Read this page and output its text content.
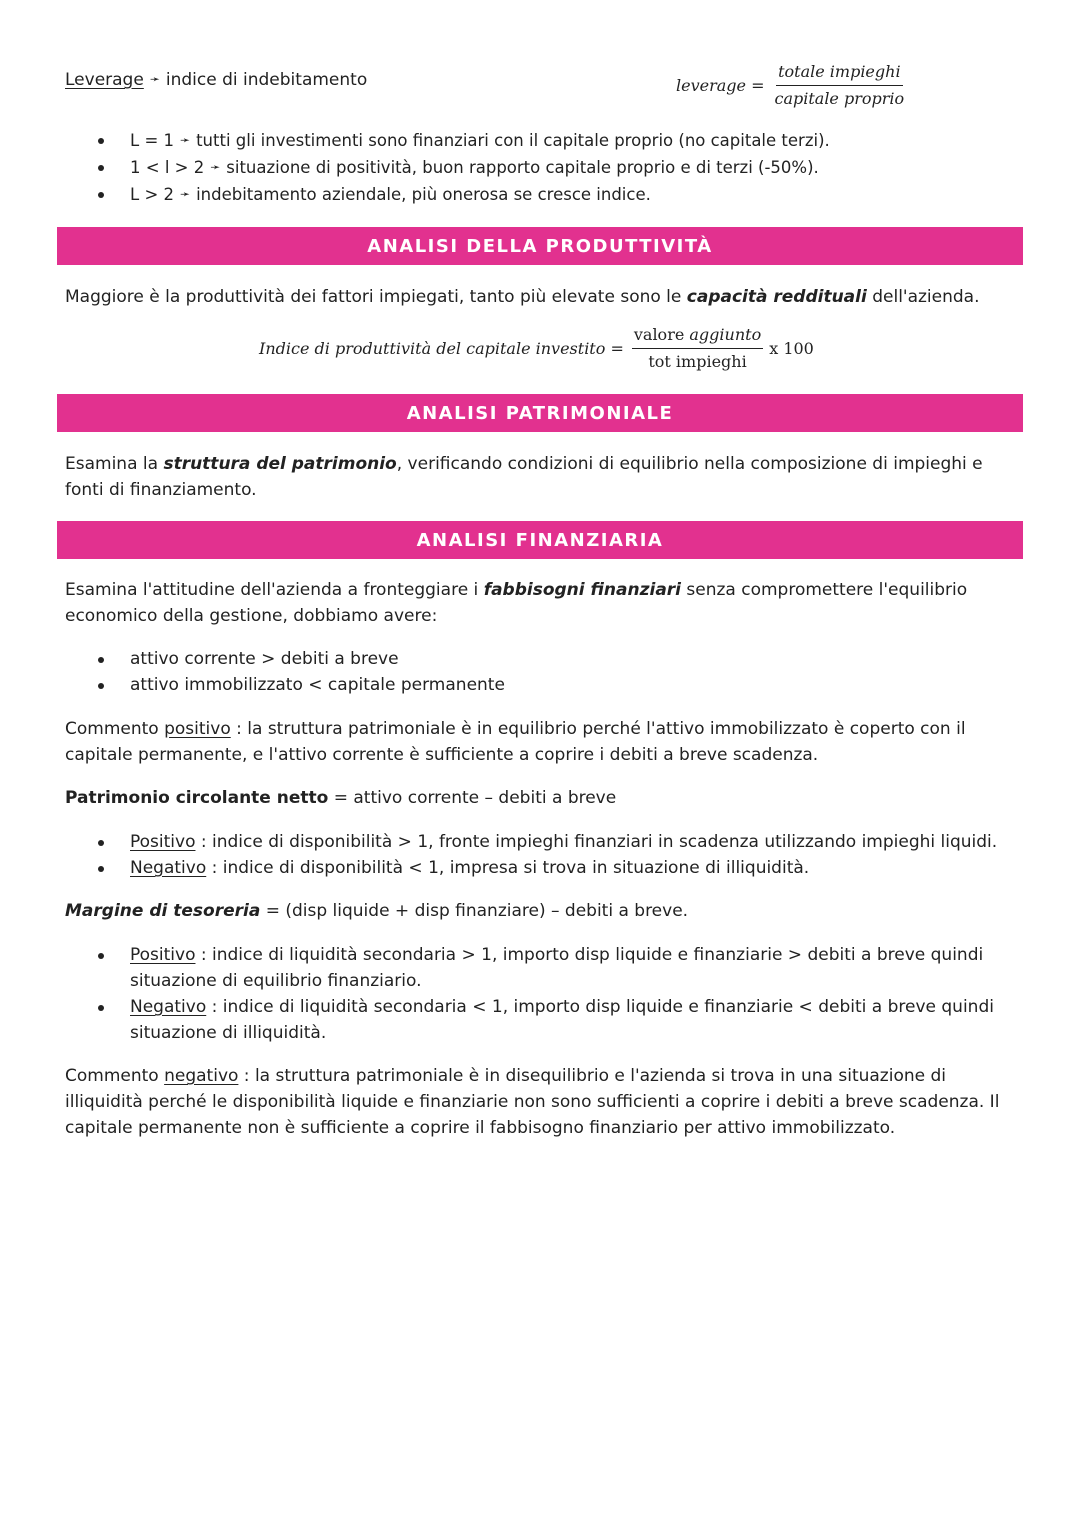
Leverage ➛ indice di indebitamento	leverage = $\frac{\text{totale impieghi}}{\text{capitale proprio}}$
L = 1 ➛ tutti gli investimenti sono finanziari con il capitale proprio (no capitale terzi).
1 < l > 2 ➛ situazione di positività, buon rapporto capitale proprio e di terzi (-50%).
L > 2 ➛ indebitamento aziendale, più onerosa se cresce indice.
ANALISI DELLA PRODUTTIVITÀ
Maggiore è la produttività dei fattori impiegati, tanto più elevate sono le capacità reddituali dell'azienda.
Indice di produttività del capitale investito = $\frac{\text{valore aggiunto}}{\text{tot impieghi}}$ x 100
ANALISI PATRIMONIALE
Esamina la struttura del patrimonio, verificando condizioni di equilibrio nella composizione di impieghi e fonti di finanziamento.
ANALISI FINANZIARIA
Esamina l'attitudine dell'azienda a fronteggiare i fabbisogni finanziari senza compromettere l'equilibrio economico della gestione, dobbiamo avere:
attivo corrente > debiti a breve
attivo immobilizzato < capitale permanente
Commento positivo : la struttura patrimoniale è in equilibrio perché l'attivo immobilizzato è coperto con il capitale permanente, e l'attivo corrente è sufficiente a coprire i debiti a breve scadenza.
Patrimonio circolante netto = attivo corrente – debiti a breve
Positivo : indice di disponibilità > 1, fronte impieghi finanziari in scadenza utilizzando impieghi liquidi.
Negativo : indice di disponibilità < 1, impresa si trova in situazione di illiquidità.
Margine di tesoreria = (disp liquide + disp finanziare) – debiti a breve.
Positivo : indice di liquidità secondaria > 1, importo disp liquide e finanziarie > debiti a breve quindi situazione di equilibrio finanziario.
Negativo : indice di liquidità secondaria < 1, importo disp liquide e finanziarie < debiti a breve quindi situazione di illiquidità.
Commento negativo : la struttura patrimoniale è in disequilibrio e l'azienda si trova in una situazione di illiquidità perché le disponibilità liquide e finanziarie non sono sufficienti a coprire i debiti a breve scadenza. Il capitale permanente non è sufficiente a coprire il fabbisogno finanziario per attivo immobilizzato.
